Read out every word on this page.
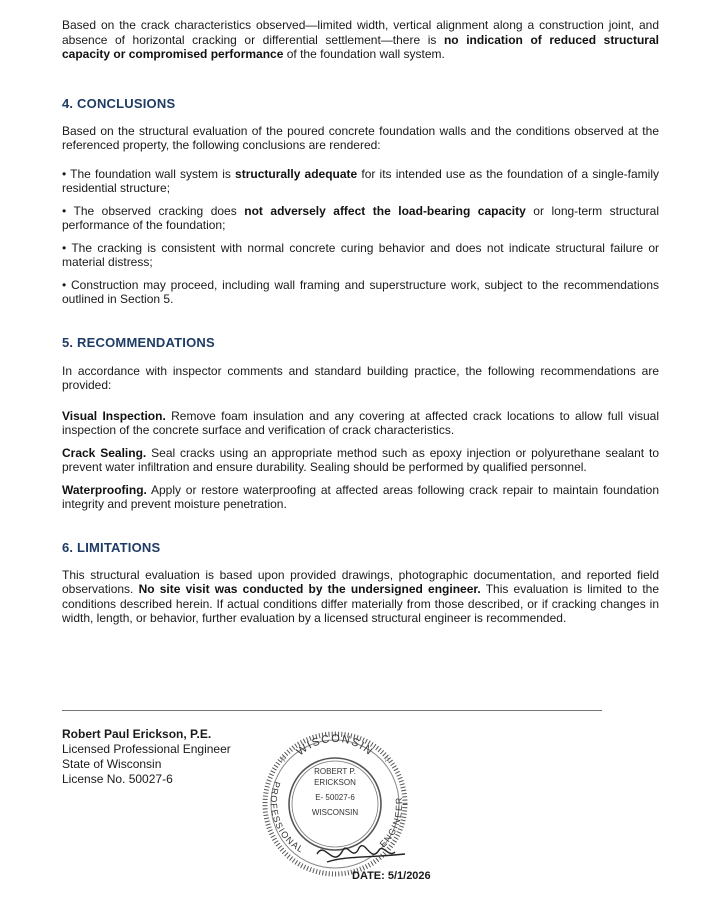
Based on the crack characteristics observed—limited width, vertical alignment along a construction joint, and absence of horizontal cracking or differential settlement—there is no indication of reduced structural capacity or compromised performance of the foundation wall system.

4. CONCLUSIONS

Based on the structural evaluation of the poured concrete foundation walls and the conditions observed at the referenced property, the following conclusions are rendered:

• The foundation wall system is structurally adequate for its intended use as the foundation of a single-family residential structure;

• The observed cracking does not adversely affect the load-bearing capacity or long-term structural performance of the foundation;

• The cracking is consistent with normal concrete curing behavior and does not indicate structural failure or material distress;

• Construction may proceed, including wall framing and superstructure work, subject to the recommendations outlined in Section 5.

5. RECOMMENDATIONS

In accordance with inspector comments and standard building practice, the following recommendations are provided:

Visual Inspection. Remove foam insulation and any covering at affected crack locations to allow full visual inspection of the concrete surface and verification of crack characteristics.

Crack Sealing. Seal cracks using an appropriate method such as epoxy injection or polyurethane sealant to prevent water infiltration and ensure durability. Sealing should be performed by qualified personnel.

Waterproofing. Apply or restore waterproofing at affected areas following crack repair to maintain foundation integrity and prevent moisture penetration.

6. LIMITATIONS

This structural evaluation is based upon provided drawings, photographic documentation, and reported field observations. No site visit was conducted by the undersigned engineer. This evaluation is limited to the conditions described herein. If actual conditions differ materially from those described, or if cracking changes in width, length, or behavior, further evaluation by a licensed structural engineer is recommended.

Robert Paul Erickson, P.E.
Licensed Professional Engineer
State of Wisconsin
License No. 50027-6
WISCONSIN
PROFESSIONAL	ENGINEER
☆	☆
ROBERT P.
ERICKSON
E- 50027-6
WISCONSIN
DATE: 5/1/2026
